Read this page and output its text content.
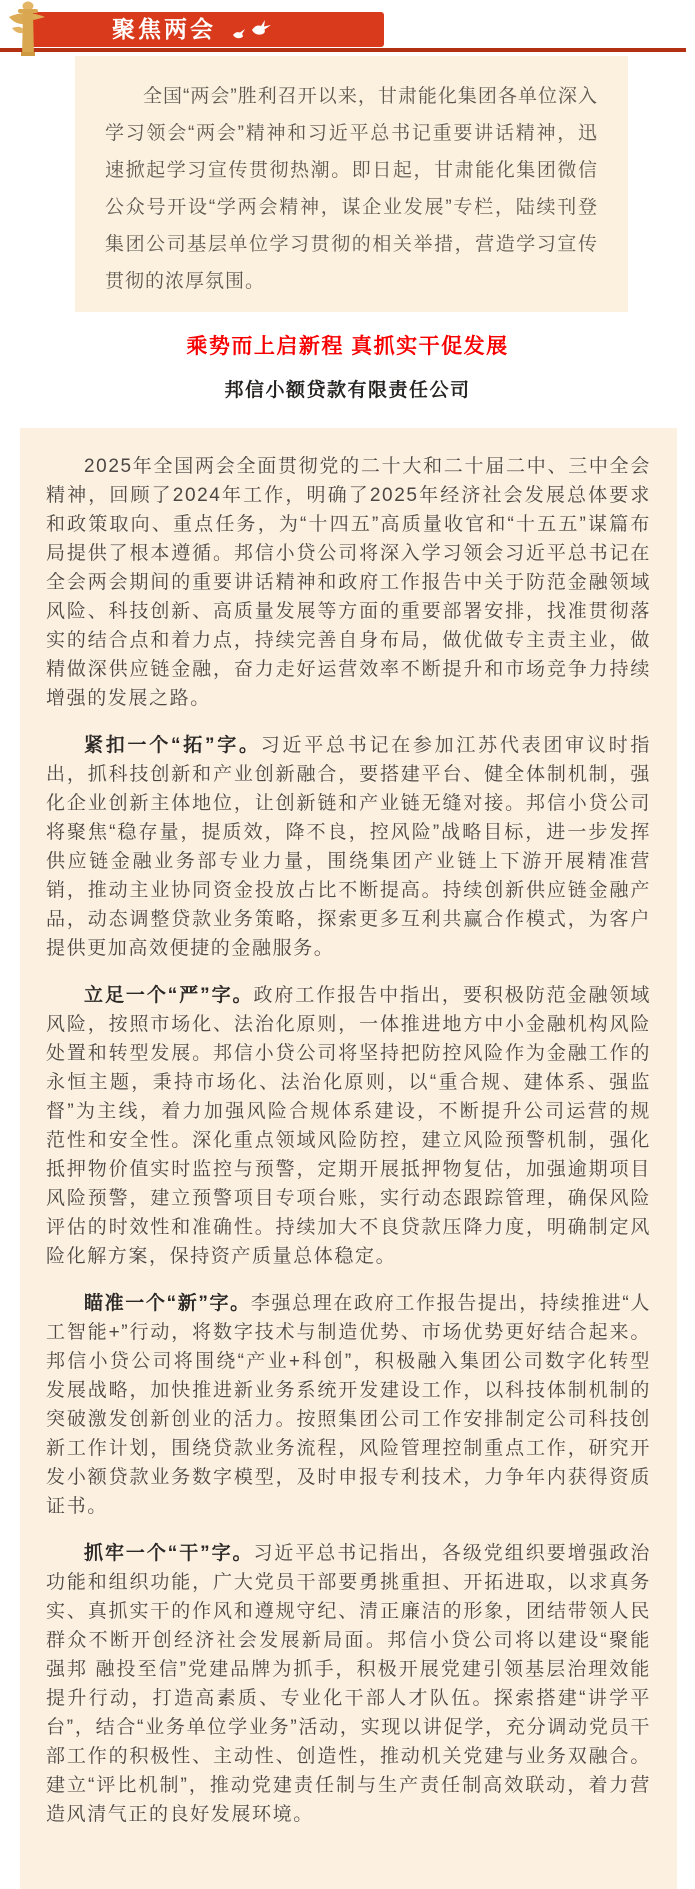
聚焦两会

全国“两会”胜利召开以来，甘肃能化集团各单位深入学习领会“两会”精神和习近平总书记重要讲话精神，迅速掀起学习宣传贯彻热潮。即日起，甘肃能化集团微信公众号开设“学两会精神，谋企业发展”专栏，陆续刊登集团公司基层单位学习贯彻的相关举措，营造学习宣传贯彻的浓厚氛围。

乘势而上启新程 真抓实干促发展
邦信小额贷款有限责任公司

2025年全国两会全面贯彻党的二十大和二十届二中、三中全会精神，回顾了2024年工作，明确了2025年经济社会发展总体要求和政策取向、重点任务，为“十四五”高质量收官和“十五五”谋篇布局提供了根本遵循。邦信小贷公司将深入学习领会习近平总书记在全会两会期间的重要讲话精神和政府工作报告中关于防范金融领域风险、科技创新、高质量发展等方面的重要部署安排，找准贯彻落实的结合点和着力点，持续完善自身布局，做优做专主责主业，做精做深供应链金融，奋力走好运营效率不断提升和市场竞争力持续增强的发展之路。

紧扣一个“拓”字。习近平总书记在参加江苏代表团审议时指出，抓科技创新和产业创新融合，要搭建平台、健全体制机制，强化企业创新主体地位，让创新链和产业链无缝对接。邦信小贷公司将聚焦“稳存量，提质效，降不良，控风险”战略目标，进一步发挥供应链金融业务部专业力量，围绕集团产业链上下游开展精准营销，推动主业协同资金投放占比不断提高。持续创新供应链金融产品，动态调整贷款业务策略，探索更多互利共赢合作模式，为客户提供更加高效便捷的金融服务。

立足一个“严”字。政府工作报告中指出，要积极防范金融领域风险，按照市场化、法治化原则，一体推进地方中小金融机构风险处置和转型发展。邦信小贷公司将坚持把防控风险作为金融工作的永恒主题，秉持市场化、法治化原则，以“重合规、建体系、强监督”为主线，着力加强风险合规体系建设，不断提升公司运营的规范性和安全性。深化重点领域风险防控，建立风险预警机制，强化抵押物价值实时监控与预警，定期开展抵押物复估，加强逾期项目风险预警，建立预警项目专项台账，实行动态跟踪管理，确保风险评估的时效性和准确性。持续加大不良贷款压降力度，明确制定风险化解方案，保持资产质量总体稳定。

瞄准一个“新”字。李强总理在政府工作报告提出，持续推进“人工智能+”行动，将数字技术与制造优势、市场优势更好结合起来。邦信小贷公司将围绕“产业+科创”，积极融入集团公司数字化转型发展战略，加快推进新业务系统开发建设工作，以科技体制机制的突破激发创新创业的活力。按照集团公司工作安排制定公司科技创新工作计划，围绕贷款业务流程，风险管理控制重点工作，研究开发小额贷款业务数字模型，及时申报专利技术，力争年内获得资质证书。

抓牢一个“干”字。习近平总书记指出，各级党组织要增强政治功能和组织功能，广大党员干部要勇挑重担、开拓进取，以求真务实、真抓实干的作风和遵规守纪、清正廉洁的形象，团结带领人民群众不断开创经济社会发展新局面。邦信小贷公司将以建设“聚能强邦 融投至信”党建品牌为抓手，积极开展党建引领基层治理效能提升行动，打造高素质、专业化干部人才队伍。探索搭建“讲学平台”，结合“业务单位学业务”活动，实现以讲促学，充分调动党员干部工作的积极性、主动性、创造性，推动机关党建与业务双融合。建立“评比机制”，推动党建责任制与生产责任制高效联动，着力营造风清气正的良好发展环境。
